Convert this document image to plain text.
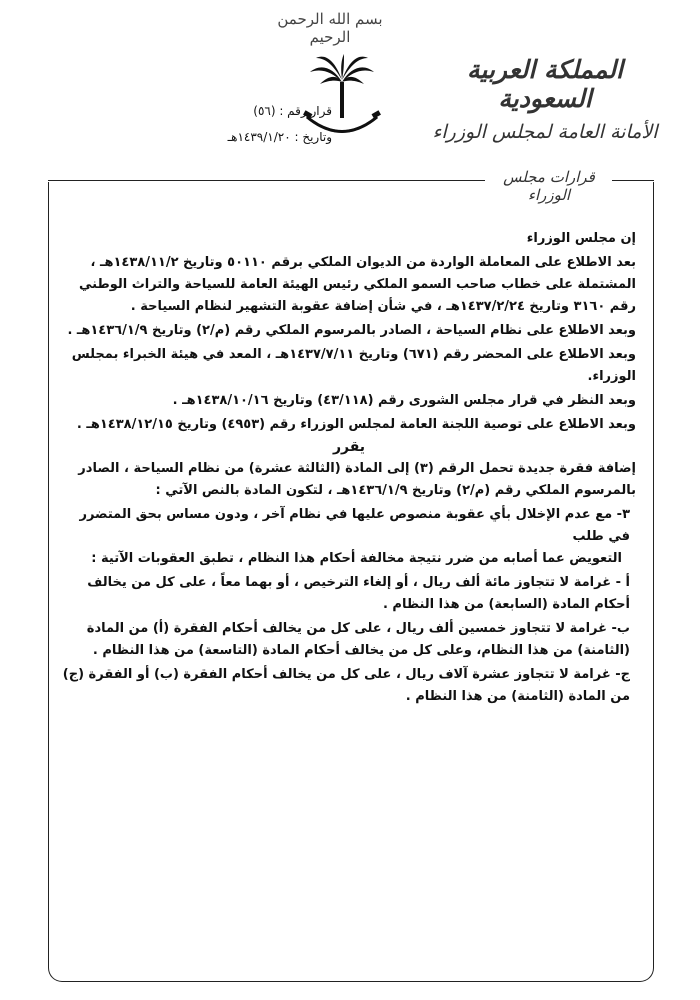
بسم الله الرحمن الرحيم
المملكة العربية السعودية
الأمانة العامة لمجلس الوزراء
قرار رقم : (٥٦)
وتاريخ : ١٤٣٩/١/٢٠هـ
قرارات مجلس الوزراء

إن مجلس الوزراء

بعد الاطلاع على المعاملة الواردة من الديوان الملكي برقم ٥٠١١٠ وتاريخ ١٤٣٨/١١/٢هـ ، المشتملة على خطاب صاحب السمو الملكي رئيس الهيئة العامة للسياحة والتراث الوطني رقم ٣١٦٠ وتاريخ ١٤٣٧/٢/٢٤هـ ، في شأن إضافة عقوبة التشهير لنظام السياحة .

وبعد الاطلاع على نظام السياحة ، الصادر بالمرسوم الملكي رقم (م/٢) وتاريخ ١٤٣٦/١/٩هـ .

وبعد الاطلاع على المحضر رقم (٦٧١) وتاريخ ١٤٣٧/٧/١١هـ ، المعد في هيئة الخبراء بمجلس الوزراء.

وبعد النظر في قرار مجلس الشورى رقم (٤٣/١١٨) وتاريخ ١٤٣٨/١٠/١٦هـ .

وبعد الاطلاع على توصية اللجنة العامة لمجلس الوزراء رقم (٤٩٥٣) وتاريخ ١٤٣٨/١٢/١٥هـ .

يقرر

إضافة فقرة جديدة تحمل الرقم (٣) إلى المادة (الثالثة عشرة) من نظام السياحة ، الصادر بالمرسوم الملكي رقم (م/٢) وتاريخ ١٤٣٦/١/٩هـ ، لتكون المادة بالنص الآتي :

٣- مع عدم الإخلال بأي عقوبة منصوص عليها في نظام آخر ، ودون مساس بحق المتضرر في طلب

التعويض عما أصابه من ضرر نتيجة مخالفة أحكام هذا النظام ، تطبق العقوبات الآتية :

أ - غرامة لا تتجاوز مائة ألف ريال ، أو إلغاء الترخيص ، أو بهما معاً ، على كل من يخالف أحكام المادة (السابعة) من هذا النظام .

ب- غرامة لا تتجاوز خمسين ألف ريال ، على كل من يخالف أحكام الفقرة (أ) من المادة (الثامنة) من هذا النظام، وعلى كل من يخالف أحكام المادة (التاسعة) من هذا النظام .

ج- غرامة لا تتجاوز عشرة آلاف ريال ، على كل من يخالف أحكام الفقرة (ب) أو الفقرة (ج) من المادة (الثامنة) من هذا النظام .
